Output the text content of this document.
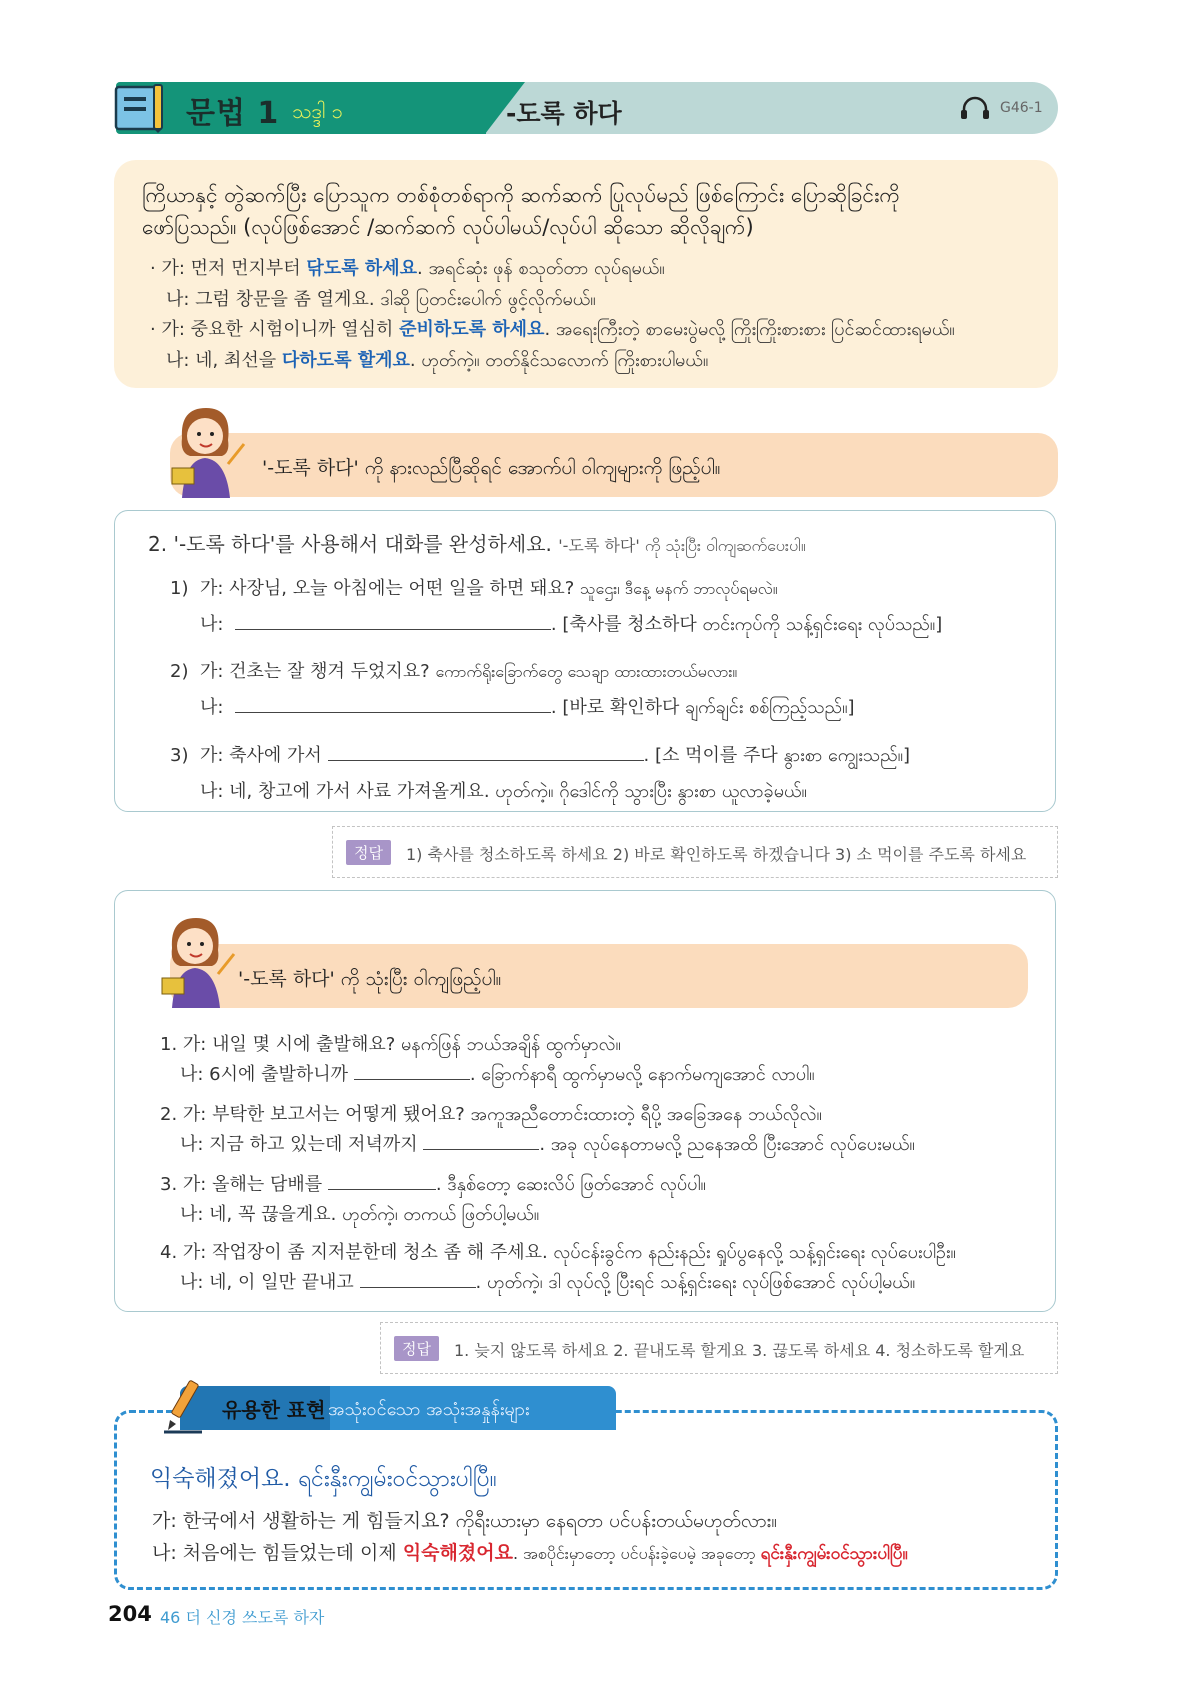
문법 1 သဒ္ဒါ ၁	-도록 하다	G46-1
ကြိယာနှင့် တွဲဆက်ပြီး ပြောသူက တစ်စုံတစ်ရာကို ဆက်ဆက် ပြုလုပ်မည် ဖြစ်ကြောင်း ပြောဆိုခြင်းကို
ဖော်ပြသည်။ (လုပ်ဖြစ်အောင် /ဆက်ဆက် လုပ်ပါမယ်/လုပ်ပါ ဆိုသော ဆိုလိုချက်)
· 가: 먼저 먼지부터 닦도록 하세요. အရင်ဆုံး ဖုန် စသုတ်တာ လုပ်ရမယ်။
나: 그럼 창문을 좀 열게요. ဒါဆို ပြတင်းပေါက် ဖွင့်လိုက်မယ်။
· 가: 중요한 시험이니까 열심히 준비하도록 하세요. အရေးကြီးတဲ့ စာမေးပွဲမလို့ ကြိုးကြိုးစားစား ပြင်ဆင်ထားရမယ်။
나: 네, 최선을 다하도록 할게요. ဟုတ်ကဲ့။ တတ်နိုင်သလောက် ကြိုးစားပါမယ်။
'-도록 하다' ကို နားလည်ပြီဆိုရင် အောက်ပါ ဝါကျများကို ဖြည့်ပါ။
2. '-도록 하다'를 사용해서 대화를 완성하세요. '-도록 하다' ကို သုံးပြီး ဝါကျဆက်ပေးပါ။
1) 가: 사장님, 오늘 아침에는 어떤 일을 하면 돼요? သူဌေး၊ ဒီနေ့ မနက် ဘာလုပ်ရမလဲ။
나:	. [축사를 청소하다 တင်းကုပ်ကို သန့်ရှင်းရေး လုပ်သည်။]
2) 가: 건초는 잘 챙겨 두었지요? ကောက်ရိုးခြောက်တွေ သေချာ ထားထားတယ်မလား။
나:	. [바로 확인하다 ချက်ချင်း စစ်ကြည့်သည်။]
3) 가: 축사에 가서	. [소 먹이를 주다 နွားစာ ကျွေးသည်။]
나: 네, 창고에 가서 사료 가져올게요. ဟုတ်ကဲ့။ ဂိုဒေါင်ကို သွားပြီး နွားစာ ယူလာခဲ့မယ်။
정답	1) 축사를 청소하도록 하세요 2) 바로 확인하도록 하겠습니다 3) 소 먹이를 주도록 하세요
'-도록 하다' ကို သုံးပြီး ဝါကျဖြည့်ပါ။
1. 가: 내일 몇 시에 출발해요? မနက်ဖြန် ဘယ်အချိန် ထွက်မှာလဲ။
나: 6시에 출발하니까	. ခြောက်နာရီ ထွက်မှာမလို့ နောက်မကျအောင် လာပါ။
2. 가: 부탁한 보고서는 어떻게 됐어요? အကူအညီတောင်းထားတဲ့ ရီပို့ အခြေအနေ ဘယ်လိုလဲ။
나: 지금 하고 있는데 저녁까지	. အခု လုပ်နေတာမလို့ ညနေအထိ ပြီးအောင် လုပ်ပေးမယ်။
3. 가: 올해는 담배를	. ဒီနှစ်တော့ ဆေးလိပ် ဖြတ်အောင် လုပ်ပါ။
나: 네, 꼭 끊을게요. ဟုတ်ကဲ့၊ တကယ် ဖြတ်ပါ့မယ်။
4. 가: 작업장이 좀 지저분한데 청소 좀 해 주세요. လုပ်ငန်းခွင်က နည်းနည်း ရှုပ်ပွနေလို့ သန့်ရှင်းရေး လုပ်ပေးပါဦး။
나: 네, 이 일만 끝내고	. ဟုတ်ကဲ့၊ ဒါ လုပ်လို့ ပြီးရင် သန့်ရှင်းရေး လုပ်ဖြစ်အောင် လုပ်ပါ့မယ်။
정답	1. 늦지 않도록 하세요 2. 끝내도록 할게요 3. 끊도록 하세요 4. 청소하도록 할게요
유용한 표현 အသုံးဝင်သော အသုံးအနှုန်းများ
익숙해졌어요. ရင်းနှီးကျွမ်းဝင်သွားပါပြီ။
가: 한국에서 생활하는 게 힘들지요? ကိုရီးယားမှာ နေရတာ ပင်ပန်းတယ်မဟုတ်လား။
나: 처음에는 힘들었는데 이제 익숙해졌어요. အစပိုင်းမှာတော့ ပင်ပန်းခဲ့ပေမဲ့ အခုတော့ ရင်းနှီးကျွမ်းဝင်သွားပါပြီ။
204 46 더 신경 쓰도록 하자
